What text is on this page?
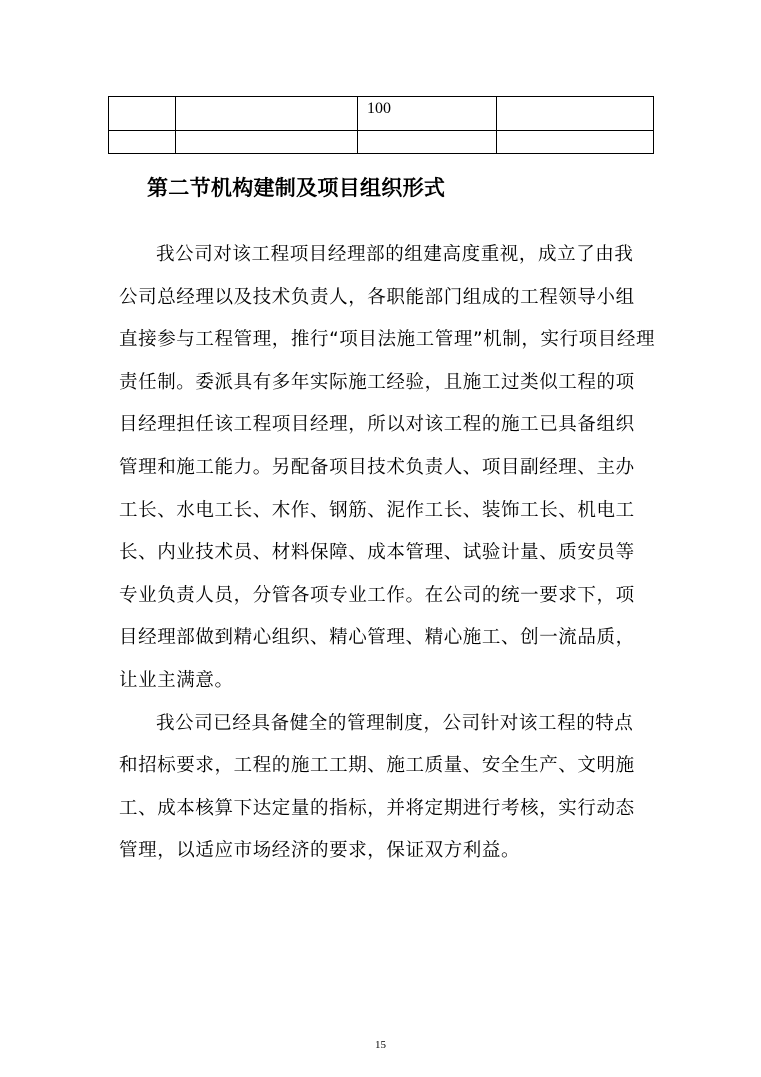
		100	

第二节机构建制及项目组织形式
我公司对该工程项目经理部的组建高度重视，成立了由我
公司总经理以及技术负责人，各职能部门组成的工程领导小组
直接参与工程管理，推行“项目法施工管理”机制，实行项目经理
责任制。委派具有多年实际施工经验，且施工过类似工程的项
目经理担任该工程项目经理，所以对该工程的施工已具备组织
管理和施工能力。另配备项目技术负责人、项目副经理、主办
工长、水电工长、木作、钢筋、泥作工长、装饰工长、机电工
长、内业技术员、材料保障、成本管理、试验计量、质安员等
专业负责人员，分管各项专业工作。在公司的统一要求下，项
目经理部做到精心组织、精心管理、精心施工、创一流品质，
让业主满意。
我公司已经具备健全的管理制度，公司针对该工程的特点
和招标要求，工程的施工工期、施工质量、安全生产、文明施
工、成本核算下达定量的指标，并将定期进行考核，实行动态
管理，以适应市场经济的要求，保证双方利益。
15
